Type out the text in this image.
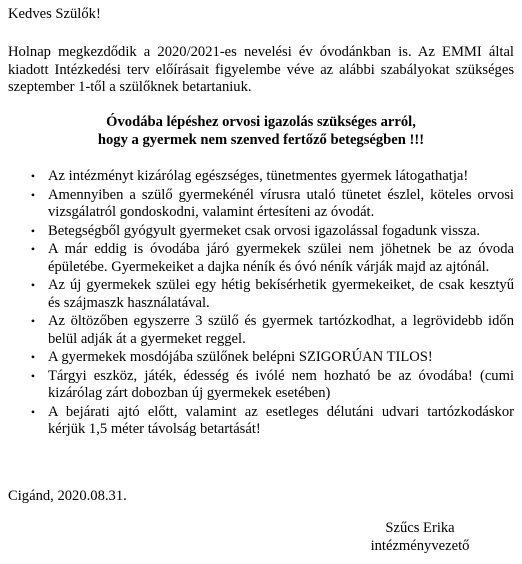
Kedves Szülők!
Holnap megkezdődik a 2020/2021-es nevelési év óvodánkban is. Az EMMI által kiadott Intézkedési terv előírásait figyelembe véve az alábbi szabályokat szükséges szeptember 1-től a szülőknek betartaniuk.
Óvodába lépéshez orvosi igazolás szükséges arról,
hogy a gyermek nem szenved fertőző betegségben !!!
• Az intézményt kizárólag egészséges, tünetmentes gyermek látogathatja!
• Amennyiben a szülő gyermekénél vírusra utaló tünetet észlel, köteles orvosi vizsgálatról gondoskodni, valamint értesíteni az óvodát.
• Betegségből gyógyult gyermeket csak orvosi igazolással fogadunk vissza.
• A már eddig is óvodába járó gyermekek szülei nem jöhetnek be az óvoda épületébe. Gyermekeiket a dajka néník és óvó néník várják majd az ajtónál.
• Az új gyermekek szülei egy hétig bekísérhetik gyermekeiket, de csak kesztyű és szájmaszk használatával.
• Az öltözőben egyszerre 3 szülő és gyermek tartózkodhat, a legrövidebb időn belül adják át a gyermeket reggel.
• A gyermekek mosdójába szülőnek belépni SZIGORÚAN TILOS!
• Tárgyi eszköz, játék, édesség és ivólé nem hozható be az óvodába! (cumi kizárólag zárt dobozban új gyermekek esetében)
• A bejárati ajtó előtt, valamint az esetleges délutáni udvari tartózkodáskor kérjük 1,5 méter távolság betartását!
Cigánd, 2020.08.31.
Szűcs Erika
intézményvezető
